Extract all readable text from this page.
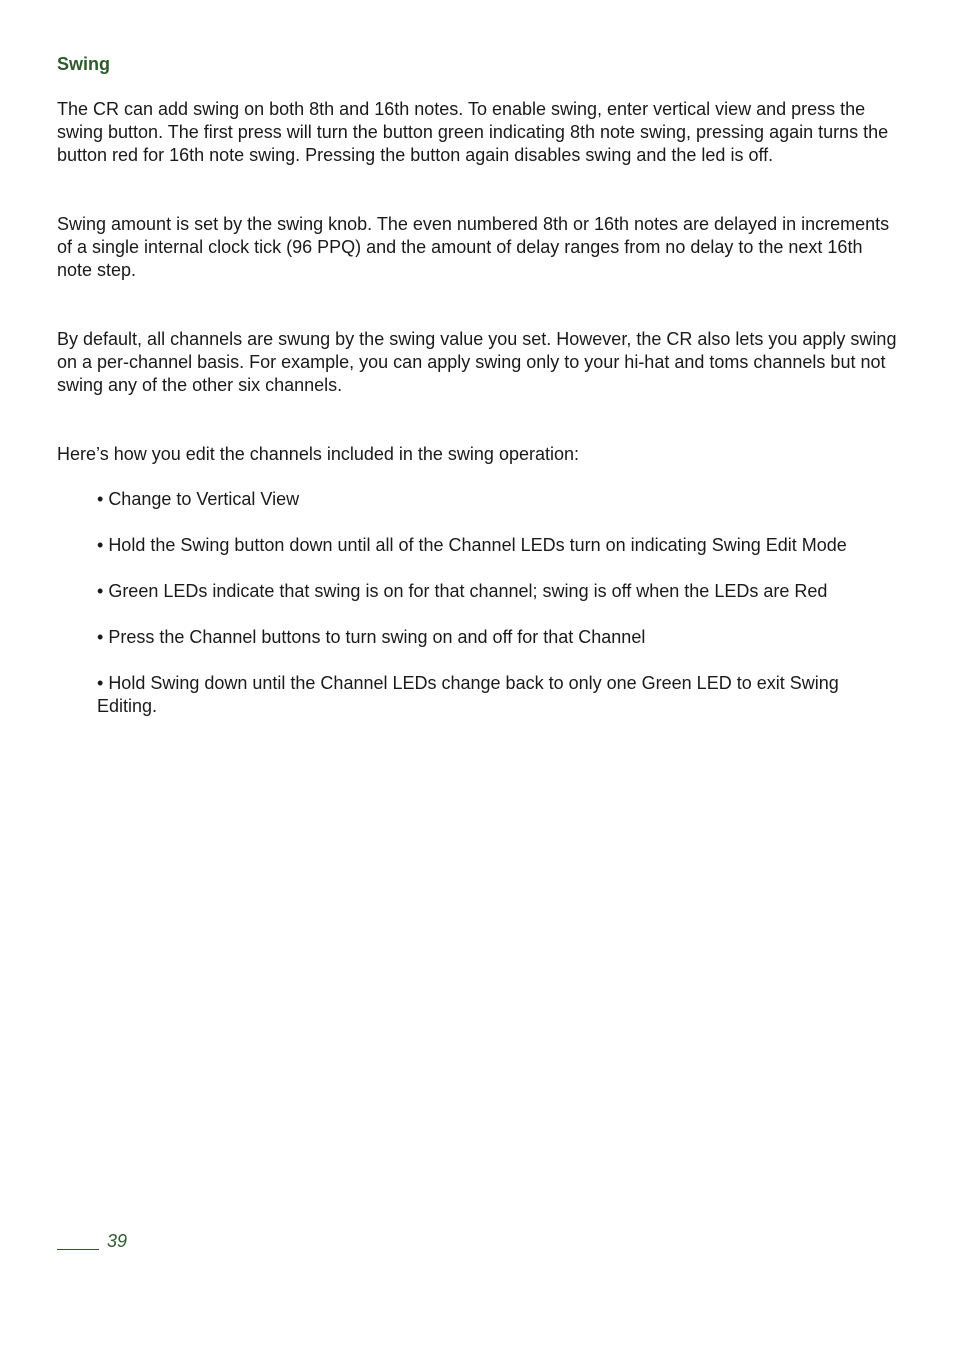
Swing

The CR can add swing on both 8th and 16th notes. To enable swing, enter vertical view and press the swing button. The first press will turn the button green indicating 8th note swing, pressing again turns the button red for 16th note swing. Pressing the button again disables swing and the led is off.

Swing amount is set by the swing knob. The even numbered 8th or 16th notes are delayed in increments of a single internal clock tick (96 PPQ) and the amount of delay ranges from no delay to the next 16th note step.

By default, all channels are swung by the swing value you set. However, the CR also lets you apply swing on a per-channel basis. For example, you can apply swing only to your hi-hat and toms channels but not swing any of the other six channels.

Here’s how you edit the channels included in the swing operation:

• Change to Vertical View
• Hold the Swing button down until all of the Channel LEDs turn on indicating Swing Edit Mode
• Green LEDs indicate that swing is on for that channel; swing is off when the LEDs are Red
• Press the Channel buttons to turn swing on and off for that Channel
• Hold Swing down until the Channel LEDs change back to only one Green LED to exit Swing Editing.
39
